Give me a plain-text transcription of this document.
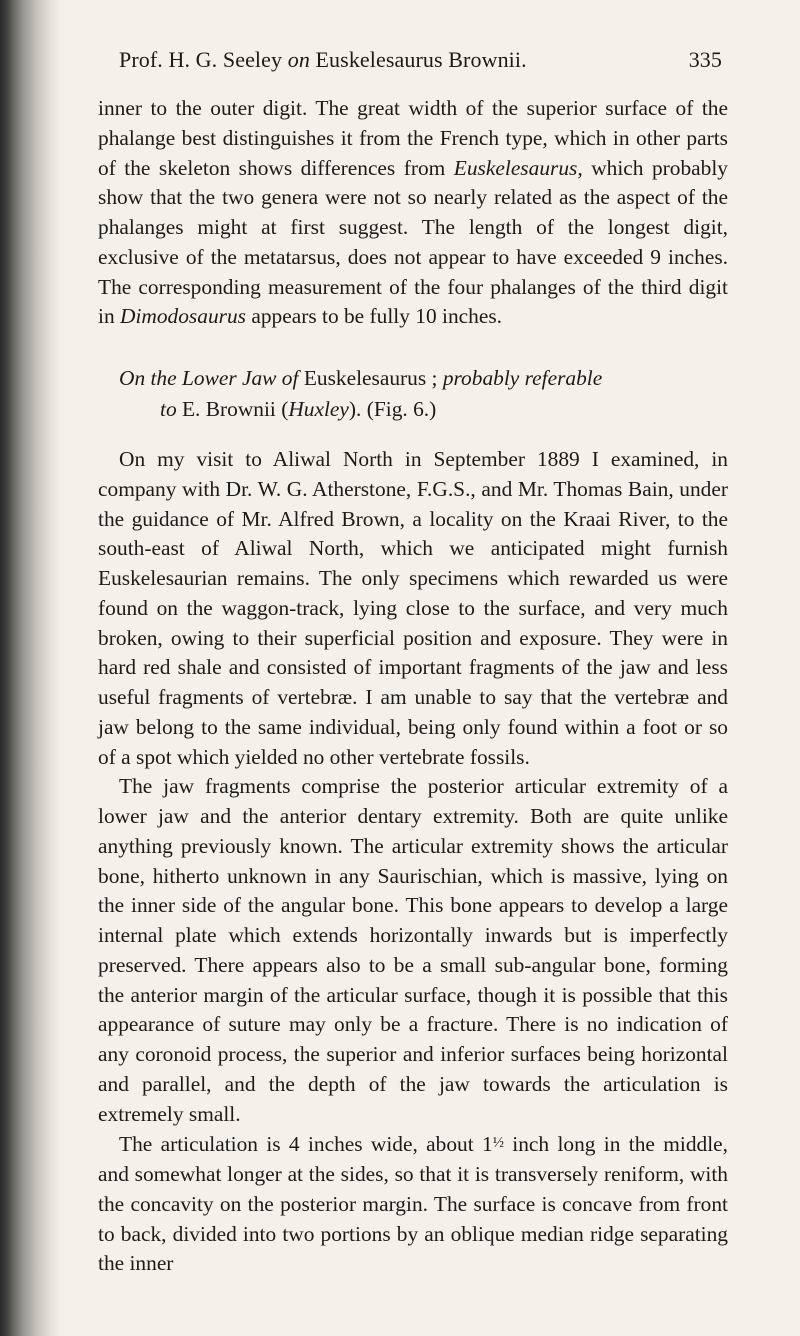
Prof. H. G. Seeley on Euskelesaurus Brownii.	335

inner to the outer digit. The great width of the superior surface of the phalange best distinguishes it from the French type, which in other parts of the skeleton shows differences from Euskelesaurus, which probably show that the two genera were not so nearly related as the aspect of the phalanges might at first suggest. The length of the longest digit, exclusive of the metatarsus, does not appear to have exceeded 9 inches. The corresponding measurement of the four phalanges of the third digit in Dimodosaurus appears to be fully 10 inches.

On the Lower Jaw of Euskelesaurus ; probably referable
to E. Brownii (Huxley). (Fig. 6.)

On my visit to Aliwal North in September 1889 I examined, in company with Dr. W. G. Atherstone, F.G.S., and Mr. Thomas Bain, under the guidance of Mr. Alfred Brown, a locality on the Kraai River, to the south-east of Aliwal North, which we anticipated might furnish Euskelesaurian remains. The only specimens which rewarded us were found on the waggon-track, lying close to the surface, and very much broken, owing to their superficial position and exposure. They were in hard red shale and consisted of important fragments of the jaw and less useful fragments of vertebræ. I am unable to say that the vertebræ and jaw belong to the same individual, being only found within a foot or so of a spot which yielded no other vertebrate fossils.

The jaw fragments comprise the posterior articular extremity of a lower jaw and the anterior dentary extremity. Both are quite unlike anything previously known. The articular extremity shows the articular bone, hitherto unknown in any Saurischian, which is massive, lying on the inner side of the angular bone. This bone appears to develop a large internal plate which extends horizontally inwards but is imperfectly preserved. There appears also to be a small sub-angular bone, forming the anterior margin of the articular surface, though it is possible that this appearance of suture may only be a fracture. There is no indication of any coronoid process, the superior and inferior surfaces being horizontal and parallel, and the depth of the jaw towards the articulation is extremely small.

The articulation is 4 inches wide, about 1½ inch long in the middle, and somewhat longer at the sides, so that it is transversely reniform, with the concavity on the posterior margin. The surface is concave from front to back, divided into two portions by an oblique median ridge separating the inner
